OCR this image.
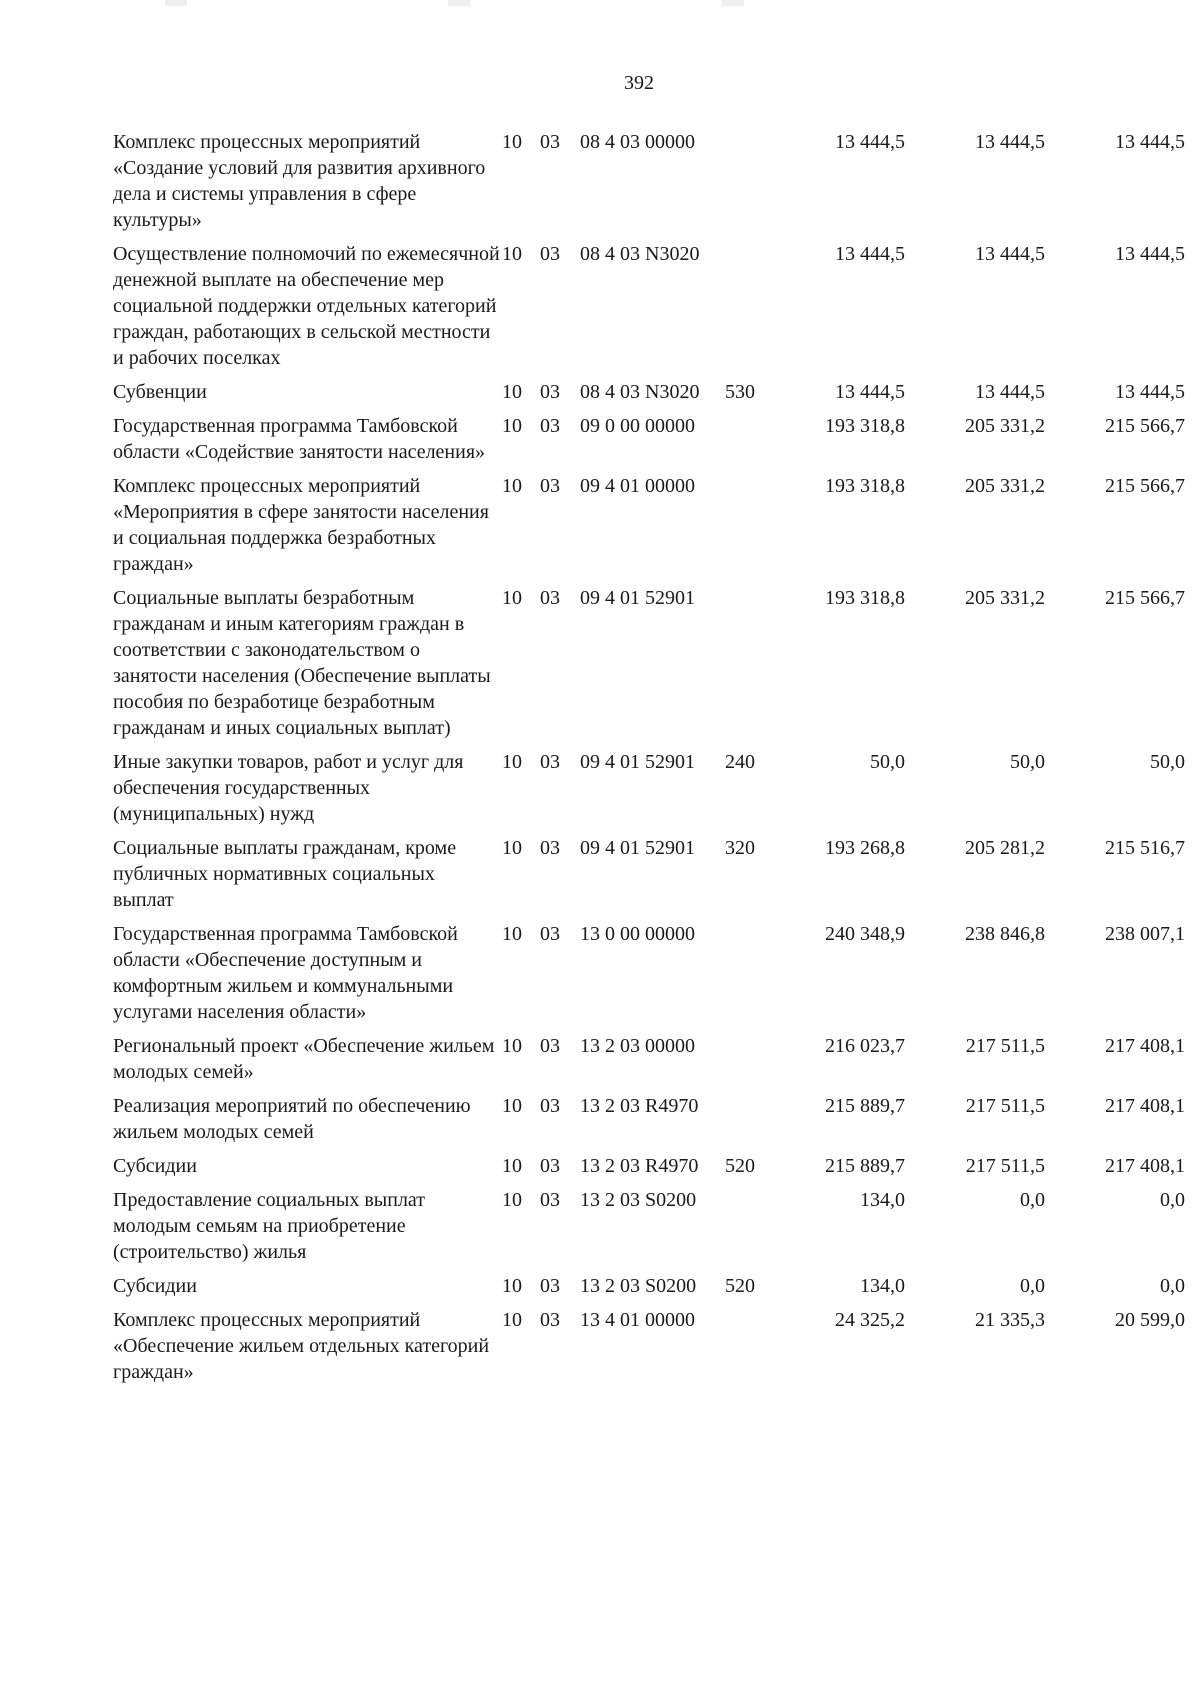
392
Комплекс процессных мероприятий «Создание условий для развития архивного дела и системы управления в сфере культуры»	10	03	08 4 03 00000		13 444,5	13 444,5	13 444,5
Осуществление полномочий по ежемесячной денежной выплате на обеспечение мер социальной поддержки отдельных категорий граждан, работающих в сельской местности и рабочих поселках	10	03	08 4 03 N3020		13 444,5	13 444,5	13 444,5
Субвенции	10	03	08 4 03 N3020	530	13 444,5	13 444,5	13 444,5
Государственная программа Тамбовской области «Содействие занятости населения»	10	03	09 0 00 00000		193 318,8	205 331,2	215 566,7
Комплекс процессных мероприятий «Мероприятия в сфере занятости населения и социальная поддержка безработных граждан»	10	03	09 4 01 00000		193 318,8	205 331,2	215 566,7
Социальные выплаты безработным гражданам и иным категориям граждан в соответствии с законодательством о занятости населения (Обеспечение выплаты пособия по безработице безработным гражданам и иных социальных выплат)	10	03	09 4 01 52901		193 318,8	205 331,2	215 566,7
Иные закупки товаров, работ и услуг для обеспечения государственных (муниципальных) нужд	10	03	09 4 01 52901	240	50,0	50,0	50,0
Социальные выплаты гражданам, кроме публичных нормативных социальных выплат	10	03	09 4 01 52901	320	193 268,8	205 281,2	215 516,7
Государственная программа Тамбовской области «Обеспечение доступным и комфортным жильем и коммунальными услугами населения области»	10	03	13 0 00 00000		240 348,9	238 846,8	238 007,1
Региональный проект «Обеспечение жильем молодых семей»	10	03	13 2 03 00000		216 023,7	217 511,5	217 408,1
Реализация мероприятий по обеспечению жильем молодых семей	10	03	13 2 03 R4970		215 889,7	217 511,5	217 408,1
Субсидии	10	03	13 2 03 R4970	520	215 889,7	217 511,5	217 408,1
Предоставление социальных выплат молодым семьям на приобретение (строительство) жилья	10	03	13 2 03 S0200		134,0	0,0	0,0
Субсидии	10	03	13 2 03 S0200	520	134,0	0,0	0,0
Комплекс процессных мероприятий «Обеспечение жильем отдельных категорий граждан»	10	03	13 4 01 00000		24 325,2	21 335,3	20 599,0
